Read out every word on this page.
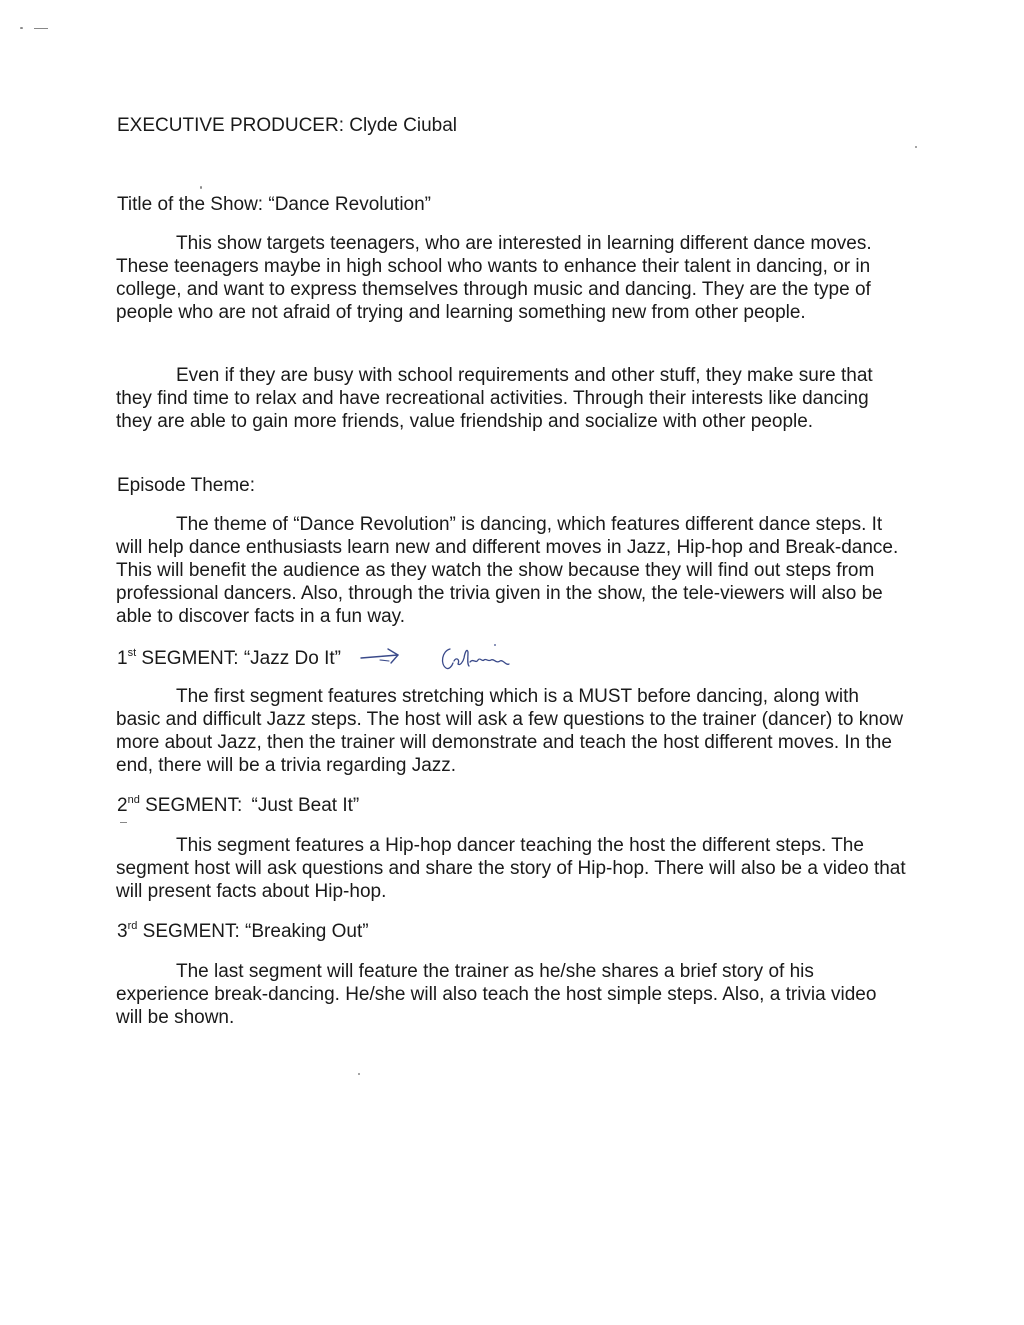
EXECUTIVE PRODUCER: Clyde Ciubal

Title of the Show: “Dance Revolution”

This show targets teenagers, who are interested in learning different dance moves. These teenagers maybe in high school who wants to enhance their talent in dancing, or in college, and want to express themselves through music and dancing. They are the type of people who are not afraid of trying and learning something new from other people.

Even if they are busy with school requirements and other stuff, they make sure that they find time to relax and have recreational activities. Through their interests like dancing they are able to gain more friends, value friendship and socialize with other people.

Episode Theme:

The theme of “Dance Revolution” is dancing, which features different dance steps. It will help dance enthusiasts learn new and different moves in Jazz, Hip-hop and Break-dance. This will benefit the audience as they watch the show because they will find out steps from professional dancers. Also, through the trivia given in the show, the tele-viewers will also be able to discover facts in a fun way.

1st SEGMENT: “Jazz Do It”

The first segment features stretching which is a MUST before dancing, along with basic and difficult Jazz steps. The host will ask a few questions to the trainer (dancer) to know more about Jazz, then the trainer will demonstrate and teach the host different moves. In the end, there will be a trivia regarding Jazz.

2nd SEGMENT: “Just Beat It”

This segment features a Hip-hop dancer teaching the host the different steps. The segment host will ask questions and share the story of Hip-hop. There will also be a video that will present facts about Hip-hop.

3rd SEGMENT: “Breaking Out”

The last segment will feature the trainer as he/she shares a brief story of his experience break-dancing. He/she will also teach the host simple steps. Also, a trivia video will be shown.
